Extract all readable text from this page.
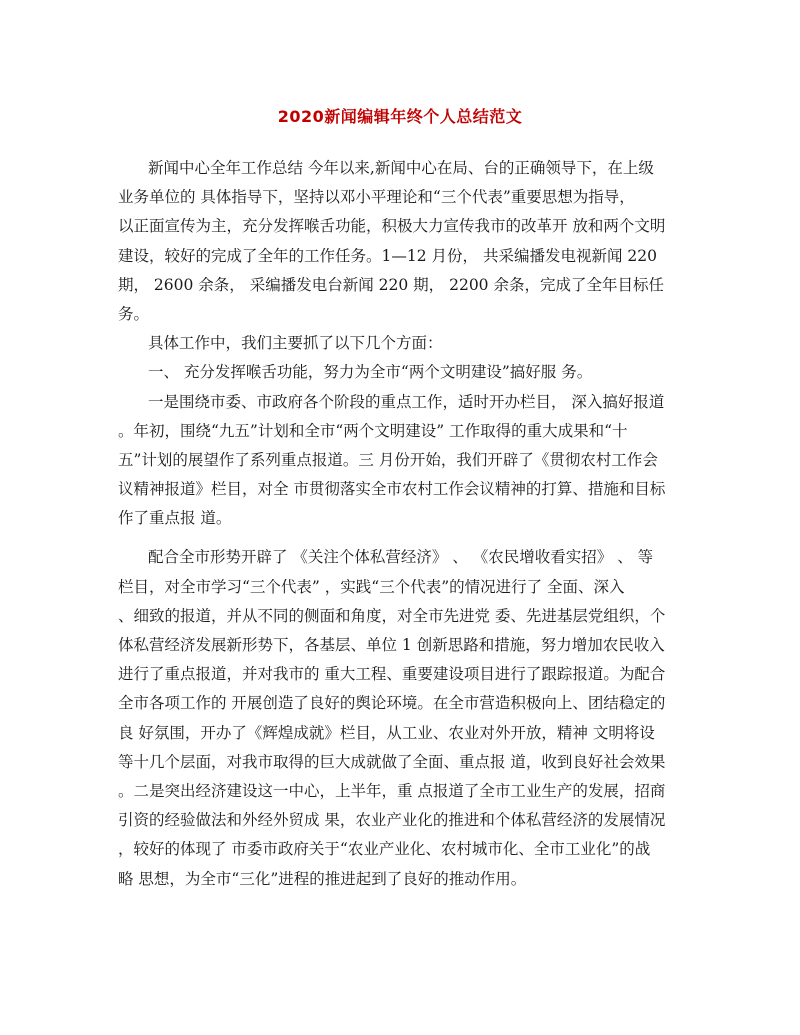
2020新闻编辑年终个人总结范文
新闻中心全年工作总结 今年以来,新闻中心在局、台的正确领导下，在上级
业务单位的 具体指导下，坚持以邓小平理论和“三个代表”重要思想为指导，
以正面宣传为主，充分发挥喉舌功能，积极大力宣传我市的改革开 放和两个文明
建设，较好的完成了全年的工作任务。1—12 月份， 共采编播发电视新闻 220
期， 2600 余条， 采编播发电台新闻 220 期， 2200 余条，完成了全年目标任
务。
具体工作中，我们主要抓了以下几个方面：
一、 充分发挥喉舌功能，努力为全市“两个文明建设”搞好服 务。
一是围绕市委、市政府各个阶段的重点工作，适时开办栏目， 深入搞好报道
。年初，围绕“九五”计划和全市“两个文明建设” 工作取得的重大成果和“十
五”计划的展望作了系列重点报道。三 月份开始，我们开辟了《贯彻农村工作会
议精神报道》栏目，对全 市贯彻落实全市农村工作会议精神的打算、措施和目标
作了重点报 道。
配合全市形势开辟了 《关注个体私营经济》 、 《农民增收看实招》 、 等
栏目，对全市学习“三个代表” ，实践“三个代表”的情况进行了 全面、深入
、细致的报道，并从不同的侧面和角度，对全市先进党 委、先进基层党组织，个
体私营经济发展新形势下，各基层、单位 1 创新思路和措施，努力增加农民收入
进行了重点报道，并对我市的 重大工程、重要建设项目进行了跟踪报道。为配合
全市各项工作的 开展创造了良好的舆论环境。在全市营造积极向上、团结稳定的
良 好氛围，开办了《辉煌成就》栏目，从工业、农业对外开放，精神 文明将设
等十几个层面，对我市取得的巨大成就做了全面、重点报 道，收到良好社会效果
。二是突出经济建设这一中心，上半年，重 点报道了全市工业生产的发展，招商
引资的经验做法和外经外贸成 果，农业产业化的推进和个体私营经济的发展情况
，较好的体现了 市委市政府关于“农业产业化、农村城市化、全市工业化”的战
略 思想，为全市“三化”进程的推进起到了良好的推动作用。
